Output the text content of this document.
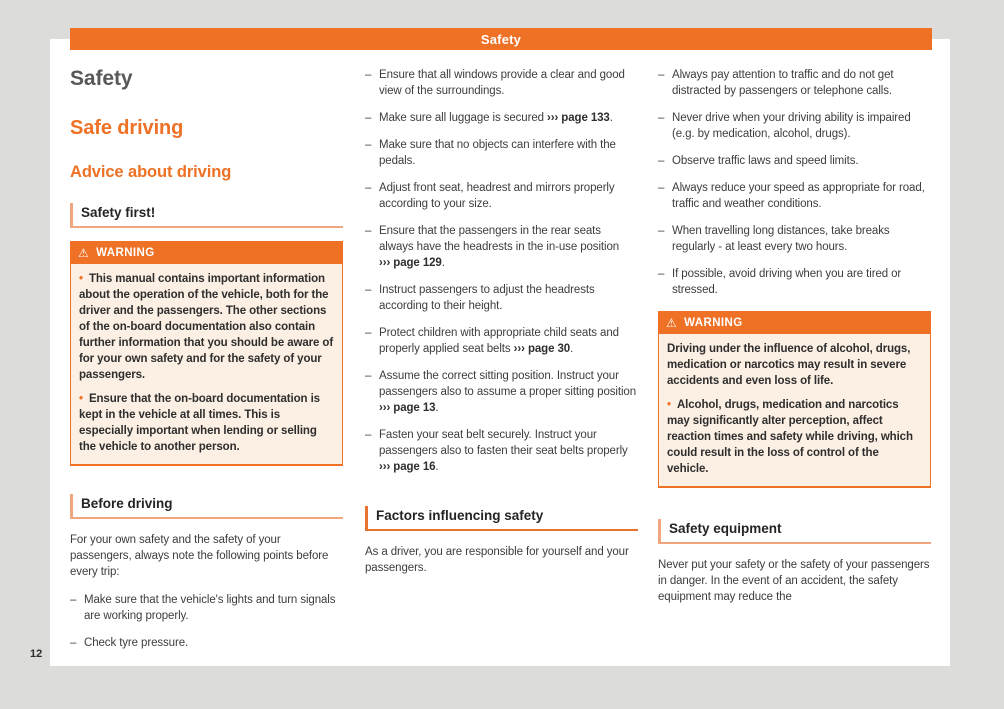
Safety
Safety
Safe driving
Advice about driving
Safety first!
⚠ WARNING

• This manual contains important information about the operation of the vehicle, both for the driver and the passengers. The other sections of the on-board documentation also contain further information that you should be aware of for your own safety and for the safety of your passengers.

• Ensure that the on-board documentation is kept in the vehicle at all times. This is especially important when lending or selling the vehicle to another person.

Before driving

For your own safety and the safety of your passengers, always note the following points before every trip:

– Make sure that the vehicle's lights and turn signals are working properly.
– Check tyre pressure.
– Ensure that all windows provide a clear and good view of the surroundings.
– Make sure all luggage is secured ››› page 133.
– Make sure that no objects can interfere with the pedals.
– Adjust front seat, headrest and mirrors properly according to your size.
– Ensure that the passengers in the rear seats always have the headrests in the in-use position ››› page 129.
– Instruct passengers to adjust the headrests according to their height.
– Protect children with appropriate child seats and properly applied seat belts ››› page 30.
– Assume the correct sitting position. Instruct your passengers also to assume a proper sitting position ››› page 13.
– Fasten your seat belt securely. Instruct your passengers also to fasten their seat belts properly ››› page 16.
Factors influencing safety

As a driver, you are responsible for yourself and your passengers.

– Always pay attention to traffic and do not get distracted by passengers or telephone calls.
– Never drive when your driving ability is impaired (e.g. by medication, alcohol, drugs).
– Observe traffic laws and speed limits.
– Always reduce your speed as appropriate for road, traffic and weather conditions.
– When travelling long distances, take breaks regularly - at least every two hours.
– If possible, avoid driving when you are tired or stressed.
⚠ WARNING

Driving under the influence of alcohol, drugs, medication or narcotics may result in severe accidents and even loss of life.

• Alcohol, drugs, medication and narcotics may significantly alter perception, affect reaction times and safety while driving, which could result in the loss of control of the vehicle.

Safety equipment

Never put your safety or the safety of your passengers in danger. In the event of an accident, the safety equipment may reduce the

12
